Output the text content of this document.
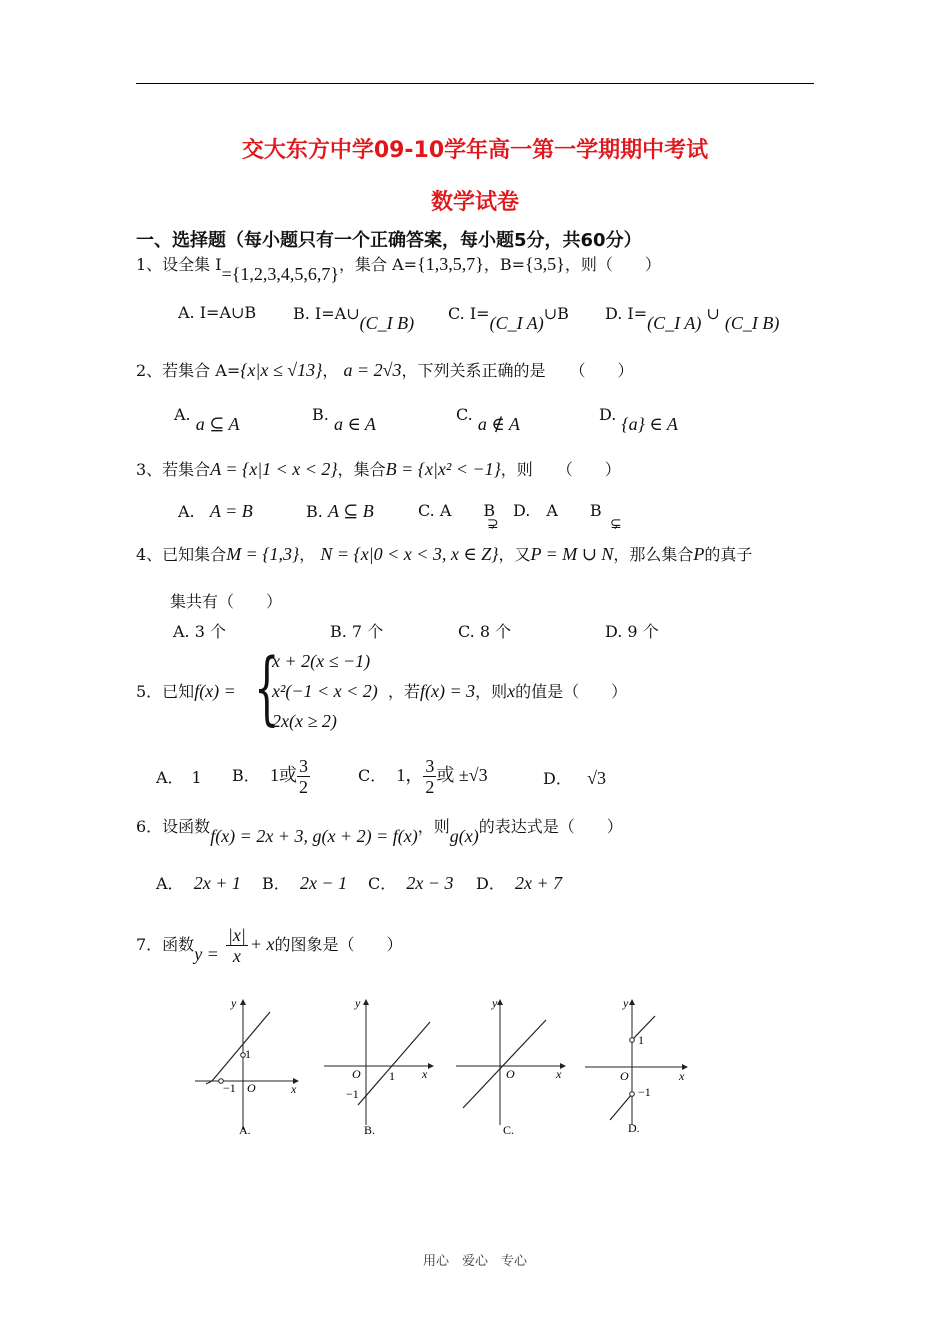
交大东方中学09-10学年高一第一学期期中考试
数学试卷
一、选择题（每小题只有一个正确答案，每小题5分，共60分）
1、设全集 I={1,2,3,4,5,6,7}，集合 A={1,3,5,7}，B={3,5}，则（　　）
A. I=A∪B B. I=A∪(C_I B) C. I=(C_I A)∪B D. I=(C_I A) ∪ (C_I B)
2、若集合 A={x|x ≤ √13}， a = 2√3，下列关系正确的是　　（　　）
A. a ⊆ A	B. a ∈ A	C. a ∉ A	D. {a} ∈ A
3、若集合A = {x|1 < x < 2}，集合B = {x|x² < −1}，则　　（　　）
A. A = B	B. A ⊆ B	C. A　　B
⊋
D.　A　　B
⊊
4、已知集合M = {1,3}， N = {x|0 < x < 3, x ∈ Z}，又P = M ∪ N，那么集合P的真子
集共有（　　）
A. 3 个	B. 7 个	C. 8 个	D. 9 个
5．已知f(x) = {
x + 2(x ≤ −1)
x²(−1 < x < 2)
2x(x ≥ 2)
，若f(x) = 3，则x的值是（　　）
A．　1 B． 1或 $\frac{3}{2}$	C． 1， $\frac{3}{2}$ 或 ±√3	D． √3
6．设函数f(x) = 2x + 3, g(x + 2) = f(x)，则g(x)的表达式是（　　）
A． 2x + 1 B． 2x − 1 C． 2x − 3 D． 2x + 7
7．函数$y = \frac{|x|}{x} + x$的图象是（　　）
y
x
O
1
−1
A.
y
x
O 1
−1
B.
y
x
O
C.
y
x
O
1
−1
D.
用心　爱心　专心
